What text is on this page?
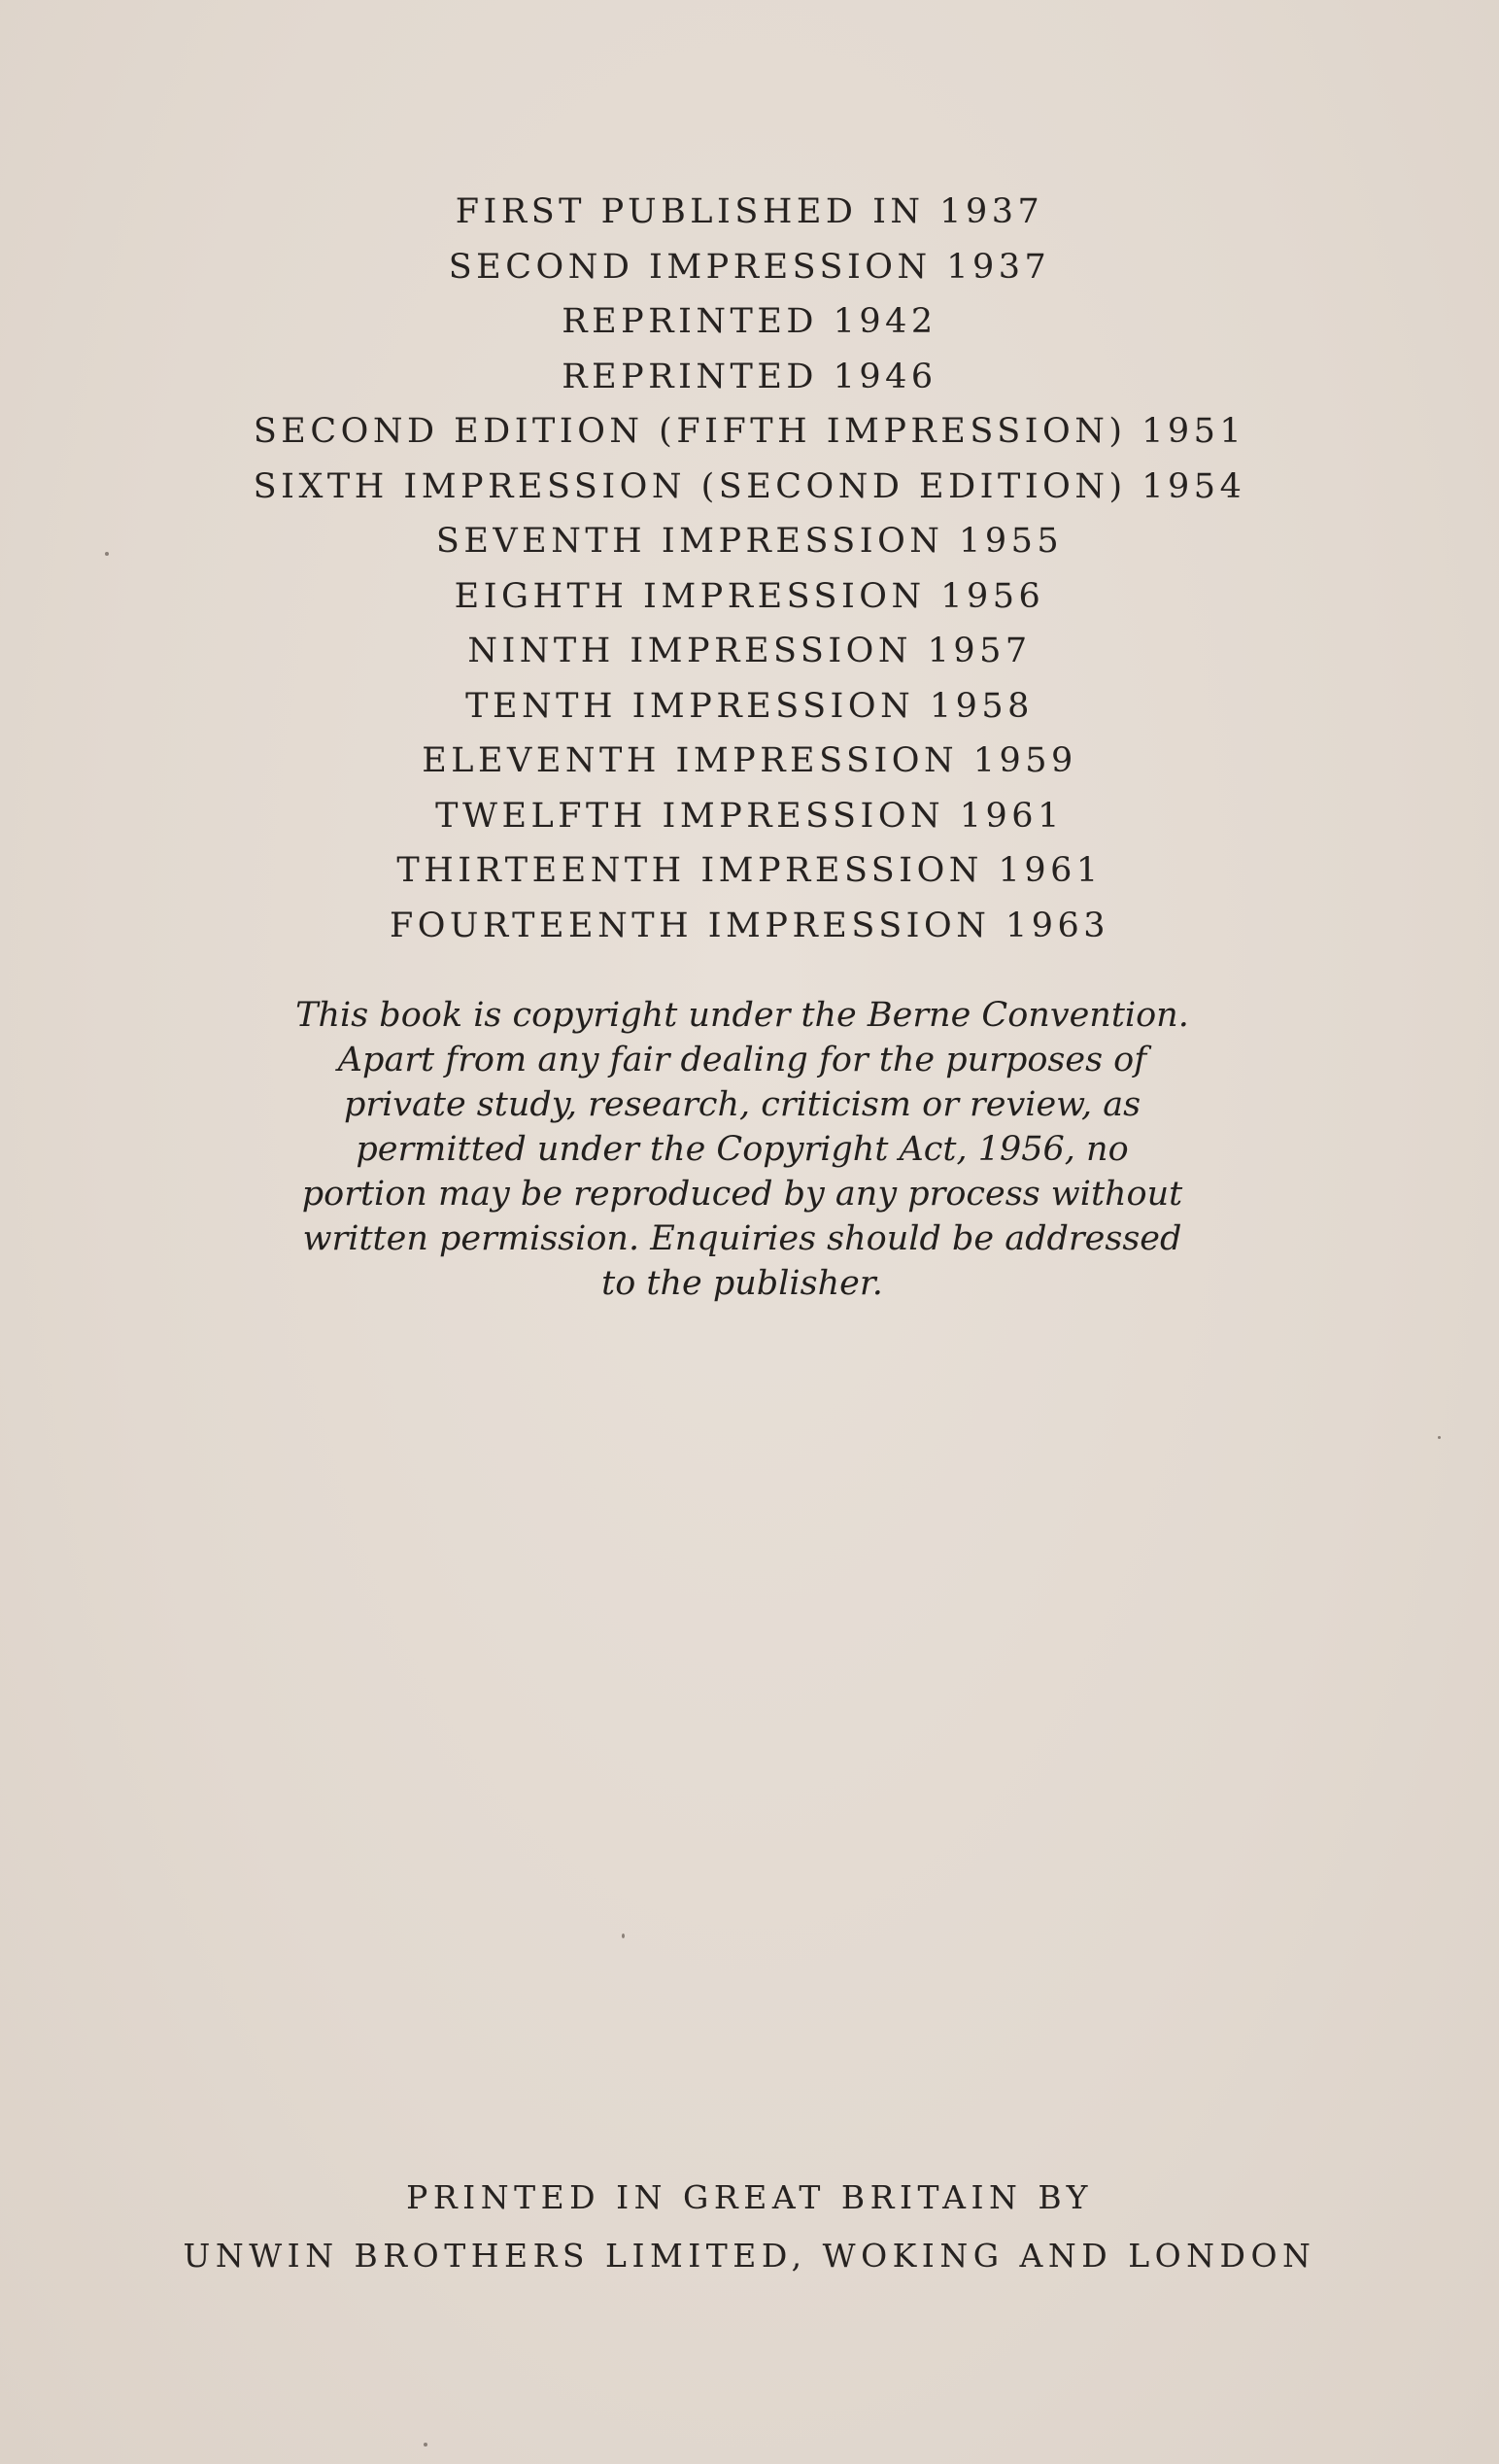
FIRST PUBLISHED IN 1937
SECOND IMPRESSION 1937
REPRINTED 1942
REPRINTED 1946
SECOND EDITION (FIFTH IMPRESSION) 1951
SIXTH IMPRESSION (SECOND EDITION) 1954
SEVENTH IMPRESSION 1955
EIGHTH IMPRESSION 1956
NINTH IMPRESSION 1957
TENTH IMPRESSION 1958
ELEVENTH IMPRESSION 1959
TWELFTH IMPRESSION 1961
THIRTEENTH IMPRESSION 1961
FOURTEENTH IMPRESSION 1963
This book is copyright under the Berne Convention.
Apart from any fair dealing for the purposes of
private study, research, criticism or review, as
permitted under the Copyright Act, 1956, no
portion may be reproduced by any process without
written permission. Enquiries should be addressed
to the publisher.
PRINTED IN GREAT BRITAIN BY
UNWIN BROTHERS LIMITED, WOKING AND LONDON
